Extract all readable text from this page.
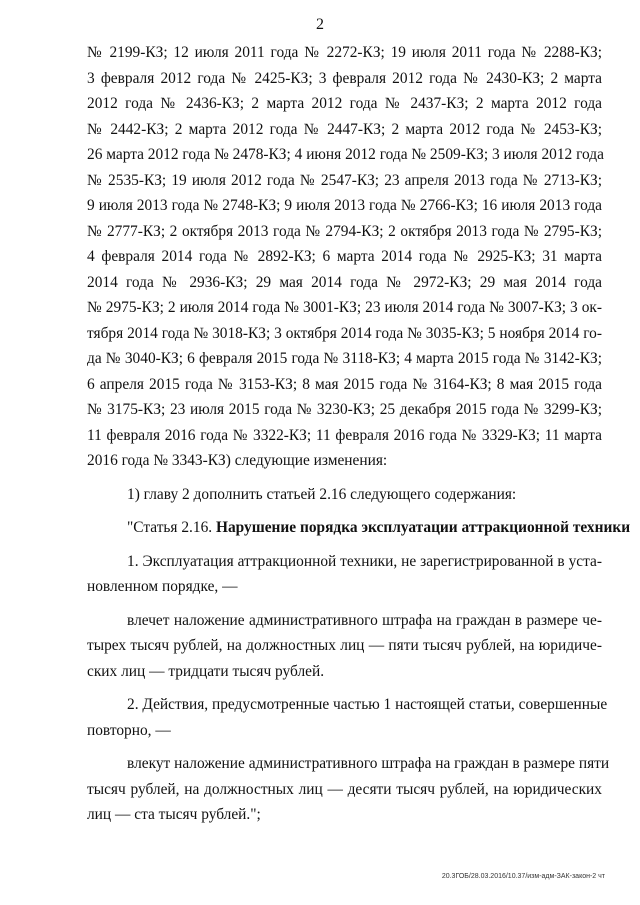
2
№ 2199-КЗ; 12 июля 2011 года № 2272-КЗ; 19 июля 2011 года № 2288-КЗ;
3 февраля 2012 года № 2425-КЗ; 3 февраля 2012 года № 2430-КЗ; 2 марта
2012 года № 2436-КЗ; 2 марта 2012 года № 2437-КЗ; 2 марта 2012 года
№ 2442-КЗ; 2 марта 2012 года № 2447-КЗ; 2 марта 2012 года № 2453-КЗ;
26 марта 2012 года № 2478-КЗ; 4 июня 2012 года № 2509-КЗ; 3 июля 2012 года
№ 2535-КЗ; 19 июля 2012 года № 2547-КЗ; 23 апреля 2013 года № 2713-КЗ;
9 июля 2013 года № 2748-КЗ; 9 июля 2013 года № 2766-КЗ; 16 июля 2013 года
№ 2777-КЗ; 2 октября 2013 года № 2794-КЗ; 2 октября 2013 года № 2795-КЗ;
4 февраля 2014 года № 2892-КЗ; 6 марта 2014 года № 2925-КЗ; 31 марта
2014 года № 2936-КЗ; 29 мая 2014 года № 2972-КЗ; 29 мая 2014 года
№ 2975-КЗ; 2 июля 2014 года № 3001-КЗ; 23 июля 2014 года № 3007-КЗ; 3 ок-
тября 2014 года № 3018-КЗ; 3 октября 2014 года № 3035-КЗ; 5 ноября 2014 го-
да № 3040-КЗ; 6 февраля 2015 года № 3118-КЗ; 4 марта 2015 года № 3142-КЗ;
6 апреля 2015 года № 3153-КЗ; 8 мая 2015 года № 3164-КЗ; 8 мая 2015 года
№ 3175-КЗ; 23 июля 2015 года № 3230-КЗ; 25 декабря 2015 года № 3299-КЗ;
11 февраля 2016 года № 3322-КЗ; 11 февраля 2016 года № 3329-КЗ; 11 марта
2016 года № 3343-КЗ) следующие изменения:
1) главу 2 дополнить статьей 2.16 следующего содержания:
"Статья 2.16. Нарушение порядка эксплуатации аттракционной техники
1. Эксплуатация аттракционной техники, не зарегистрированной в уста-
новленном порядке, —
влечет наложение административного штрафа на граждан в размере че-
тырех тысяч рублей, на должностных лиц — пяти тысяч рублей, на юридиче-
ских лиц — тридцати тысяч рублей.
2. Действия, предусмотренные частью 1 настоящей статьи, совершенные
повторно, —
влекут наложение административного штрафа на граждан в размере пяти
тысяч рублей, на должностных лиц — десяти тысяч рублей, на юридических
лиц — ста тысяч рублей.";
20.3ГОБ/28.03.2016/10.37/изм-адм-ЗАК-закон-2 чт
